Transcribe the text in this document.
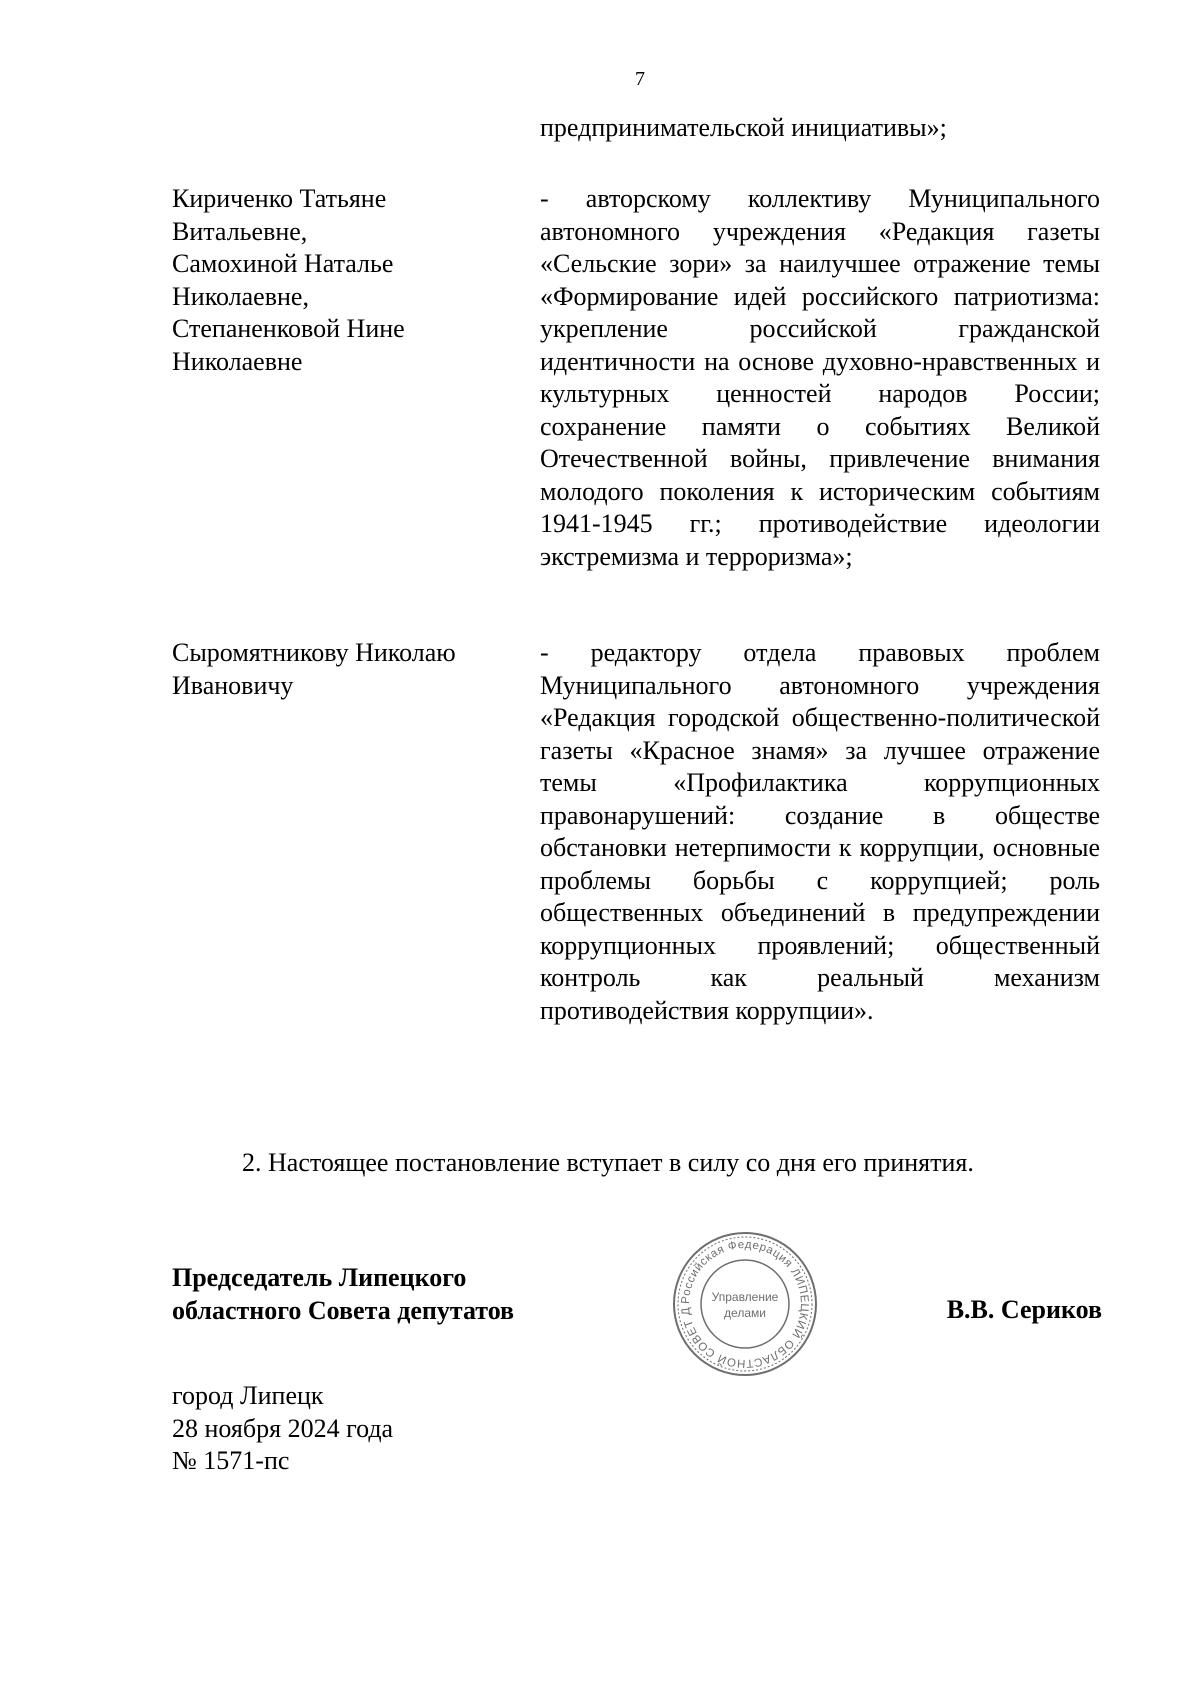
7
предпринимательской инициативы»;
Кириченко Татьяне
Витальевне,
Самохиной Наталье
Николаевне,
Степаненковой Нине
Николаевне
- авторскому коллективу Муниципального автономного учреждения «Редакция газеты «Сельские зори» за наилучшее отражение темы «Формирование идей российского патриотизма: укрепление российской гражданской идентичности на основе духовно-нравственных и культурных ценностей народов России; сохранение памяти о событиях Великой Отечественной войны, привлечение внимания молодого поколения к историческим событиям 1941-1945 гг.; противодействие идеологии экстремизма и терроризма»;
Сыромятникову Николаю
Ивановичу
- редактору отдела правовых проблем Муниципального автономного учреждения «Редакция городской общественно-политической газеты «Красное знамя» за лучшее отражение темы «Профилактика коррупционных правонарушений: создание в обществе обстановки нетерпимости к коррупции, основные проблемы борьбы с коррупцией; роль общественных объединений в предупреждении коррупционных проявлений; общественный контроль как реальный механизм противодействия коррупции».
2. Настоящее постановление вступает в силу со дня его принятия.
Председатель Липецкого
областного Совета депутатов	Российская Федерация ЛИПЕЦКИЙ ОБЛАСТНОЙ СОВЕТ Д
Управление
делами	В.В. Сериков
город Липецк
28 ноября 2024 года
№ 1571-пс
